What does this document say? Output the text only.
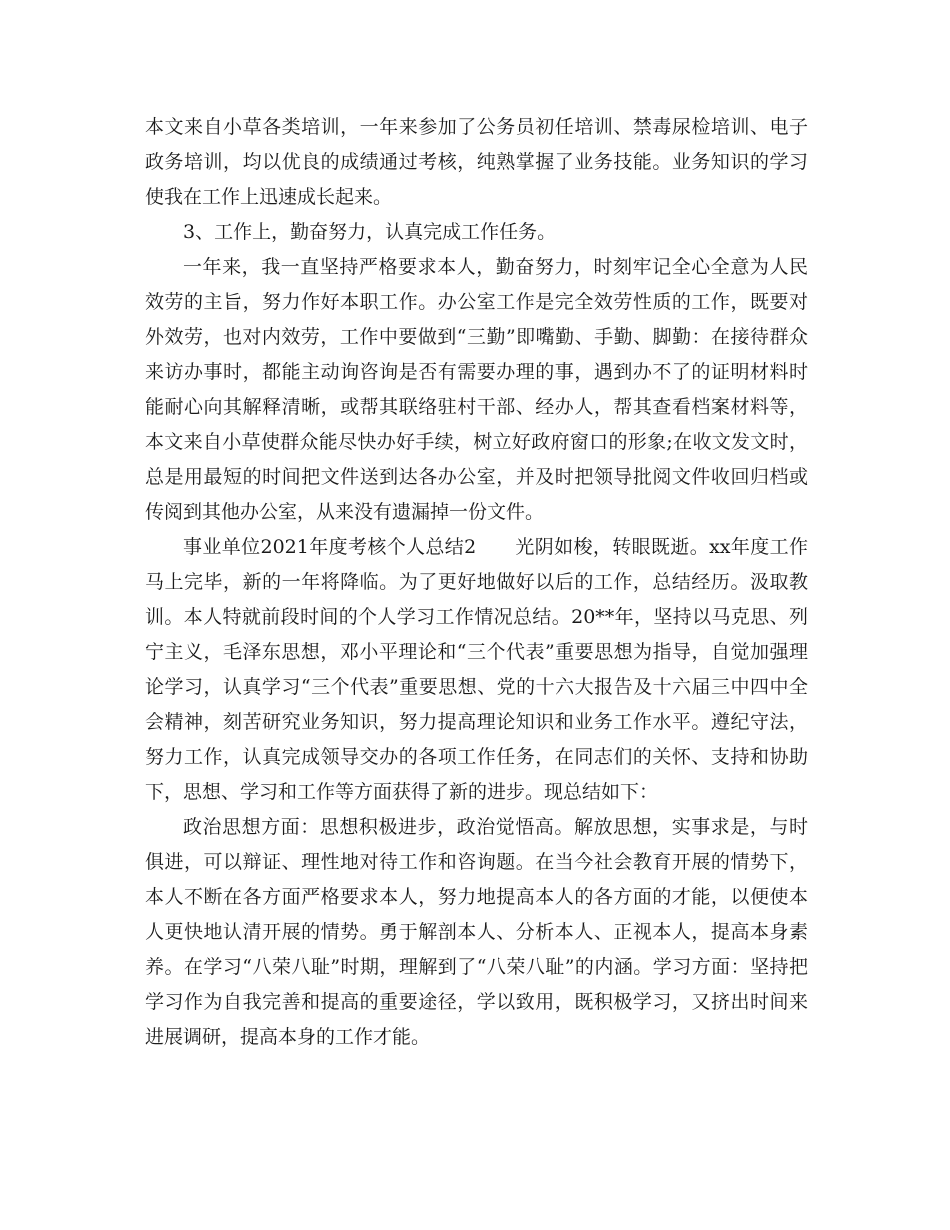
本文来自小草各类培训，一年来参加了公务员初任培训、禁毒尿检培训、电子政务培训，均以优良的成绩通过考核，纯熟掌握了业务技能。业务知识的学习使我在工作上迅速成长起来。

3、工作上，勤奋努力，认真完成工作任务。

一年来，我一直坚持严格要求本人，勤奋努力，时刻牢记全心全意为人民效劳的主旨，努力作好本职工作。办公室工作是完全效劳性质的工作，既要对外效劳，也对内效劳，工作中要做到“三勤”即嘴勤、手勤、脚勤：在接待群众来访办事时，都能主动询咨询是否有需要办理的事，遇到办不了的证明材料时能耐心向其解释清晰，或帮其联络驻村干部、经办人，帮其查看档案材料等，本文来自小草使群众能尽快办好手续，树立好政府窗口的形象;在收文发文时，总是用最短的时间把文件送到达各办公室，并及时把领导批阅文件收回归档或传阅到其他办公室，从来没有遗漏掉一份文件。

事业单位2021年度考核个人总结2　　光阴如梭，转眼既逝。xx年度工作马上完毕，新的一年将降临。为了更好地做好以后的工作，总结经历。汲取教训。本人特就前段时间的个人学习工作情况总结。20**年，坚持以马克思、列宁主义，毛泽东思想，邓小平理论和“三个代表”重要思想为指导，自觉加强理论学习，认真学习“三个代表”重要思想、党的十六大报告及十六届三中四中全会精神，刻苦研究业务知识，努力提高理论知识和业务工作水平。遵纪守法，努力工作，认真完成领导交办的各项工作任务，在同志们的关怀、支持和协助下，思想、学习和工作等方面获得了新的进步。现总结如下：

政治思想方面：思想积极进步，政治觉悟高。解放思想，实事求是，与时俱进，可以辩证、理性地对待工作和咨询题。在当今社会教育开展的情势下，本人不断在各方面严格要求本人，努力地提高本人的各方面的才能，以便使本人更快地认清开展的情势。勇于解剖本人、分析本人、正视本人，提高本身素养。在学习“八荣八耻”时期，理解到了“八荣八耻”的内涵。学习方面：坚持把学习作为自我完善和提高的重要途径，学以致用，既积极学习，又挤出时间来进展调研，提高本身的工作才能。
